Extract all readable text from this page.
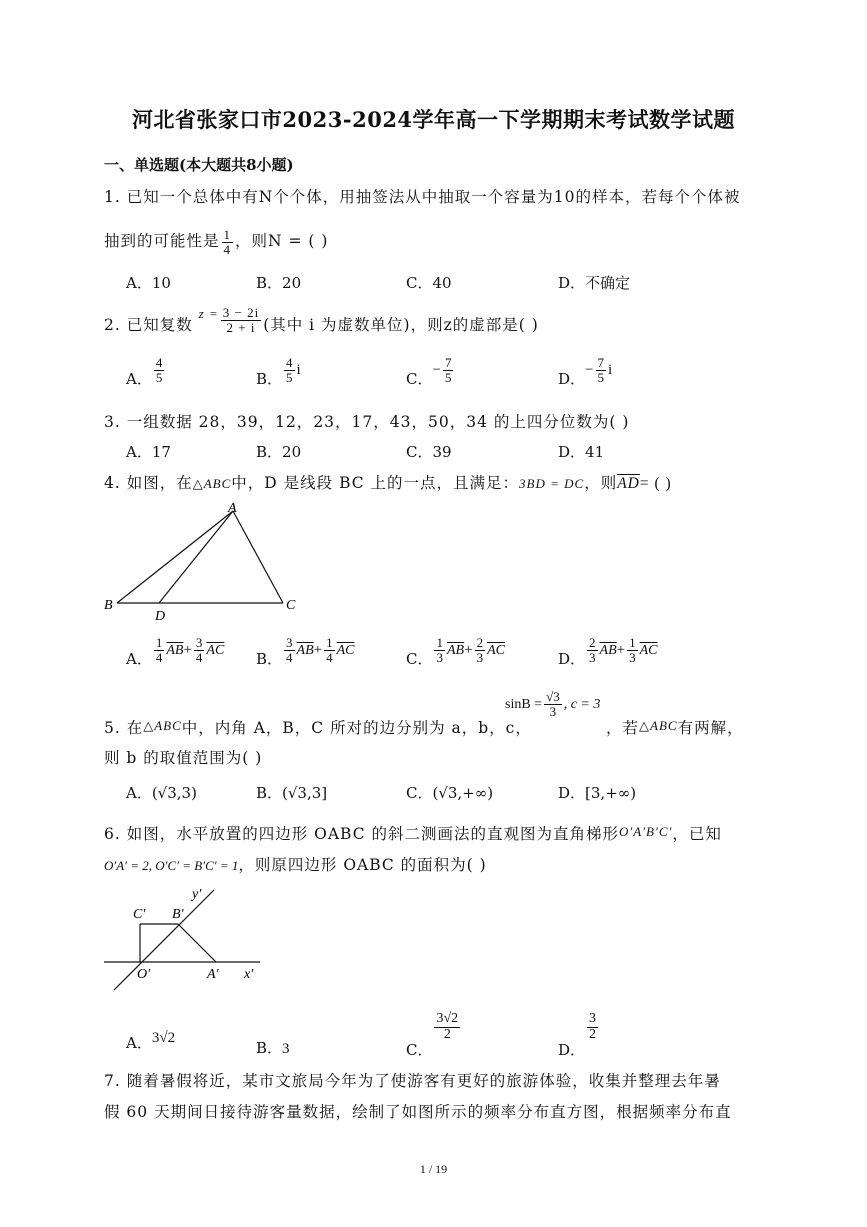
河北省张家口市2023-2024学年高一下学期期末考试数学试题
一、单选题(本大题共8小题)
1. 已知一个总体中有N个个体，用抽签法从中抽取一个容量为10的样本，若每个个体被
抽到的可能性是 $\frac{1}{4}$ ，则N = ( )
A．10	B．20	C．40	D．不确定
2. 已知复数 $^{z =} \frac{3 - 2i}{2 + i}$ (其中 i 为虚数单位)，则z的虚部是( )
A． $\frac{4}{5}$	B． $\frac{4}{5}$ i	C．− $\frac{7}{5}$	D．− $\frac{7}{5}$ i
3. 一组数据 28，39，12，23，17，43，50，34 的上四分位数为( )
A．17	B．20	C．39	D．41
4. 如图，在△ABC中，D 是线段 BC 上的一点，且满足：3BD = DC，则$\overline{AD}=$ ( )
A
B	C
D
A． $\frac{1}{4} \overline{AB}+ \frac{3}{4} \overline{AC}$ B． $\frac{3}{4} \overline{AB}+ \frac{1}{4} \overline{AC}$	C． $\frac{1}{3} \overline{AB}+ \frac{2}{3} \overline{AC}$	D． $\frac{2}{3} \overline{AB}+ \frac{1}{3} \overline{AC}$
5. 在△ABC中，内角 A，B，C 所对的边分别为 a，b，c，
$\sin B = \frac{√3}{3}$ , c = 3
，若△ABC有两解，
则 b 的取值范围为( )
A．(√3,3)	B．(√3,3]	C．(√3,+∞)	D．[3,+∞)
6. 如图，水平放置的四边形 OABC 的斜二测画法的直观图为直角梯形O′A′B′C′，已知
O′A′ = 2, O′C′ = B′C′ = 1，则原四边形 OABC 的面积为( )
y′
x′
C′ B′
O′	A′
A．3√2
B．3	C．
$\frac{3√2}{2}$
D．
$\frac{3}{2}$
7. 随着暑假将近，某市文旅局今年为了使游客有更好的旅游体验，收集并整理去年暑
假 60 天期间日接待游客量数据，绘制了如图所示的频率分布直方图，根据频率分布直
1 / 19
